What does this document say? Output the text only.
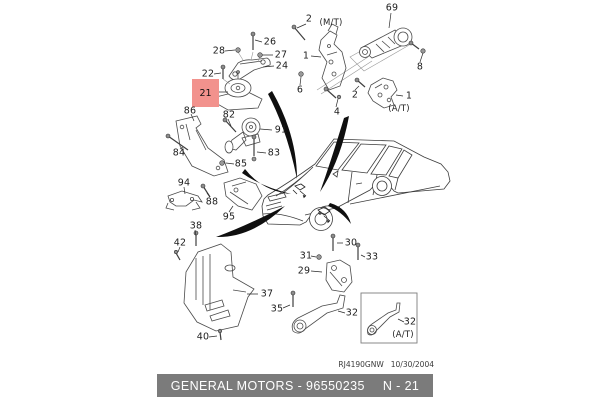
21
28
26
27
24
22
86	82
91
84	83
85
94
88
95
38
42
37
40
2 (M/T)
1
6
4
69
8
2	1
(A/T)
30
31	33
29
35	32
32
(A/T)
RJ4190GNW 10/30/2004
GENERAL MOTORS - 96550235 N - 21
